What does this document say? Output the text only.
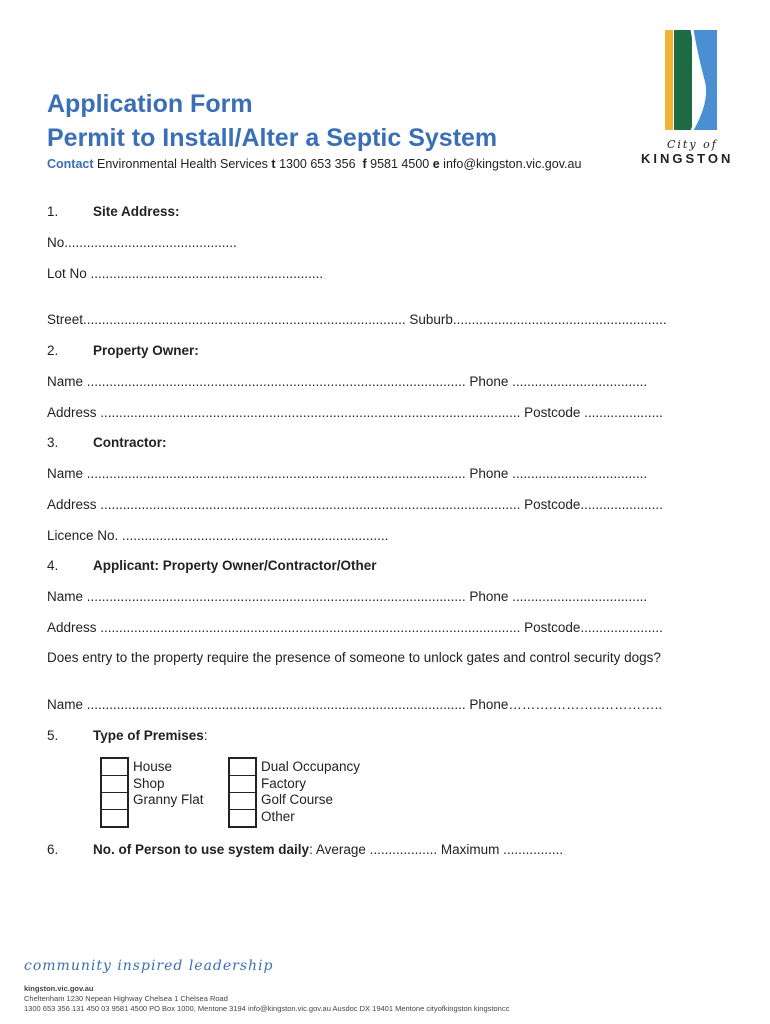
Application Form
Permit to Install/Alter a Septic System
Contact Environmental Health Services t 1300 653 356 f 9581 4500 e info@kingston.vic.gov.au
City of
KINGSTON
1.	Site Address:
No..............................................
Lot No ..............................................................
Street...................................................................................... Suburb.........................................................
2.	Property Owner:
Name ..................................................................................................... Phone ....................................
Address ................................................................................................................ Postcode .....................
3.	Contractor:
Name ..................................................................................................... Phone ....................................
Address ................................................................................................................ Postcode......................
Licence No. .......................................................................
4.	Applicant: Property Owner/Contractor/Other
Name ..................................................................................................... Phone ....................................
Address ................................................................................................................ Postcode......................
Does entry to the property require the presence of someone to unlock gates and control security dogs?
Name ..................................................................................................... Phone……….………..…………..
5.	Type of Premises:
House
Shop
Granny Flat
Dual Occupancy
Factory
Golf Course
Other
6.	No. of Person to use system daily: Average .................. Maximum ................
community inspired leadership
kingston.vic.gov.au
Cheltenham 1230 Nepean Highway Chelsea 1 Chelsea Road
1300 653 356 131 450 03 9581 4500 PO Box 1000, Mentone 3194 info@kingston.vic.gov.au Ausdoc DX 19401 Mentone cityofkingston kingstoncc
